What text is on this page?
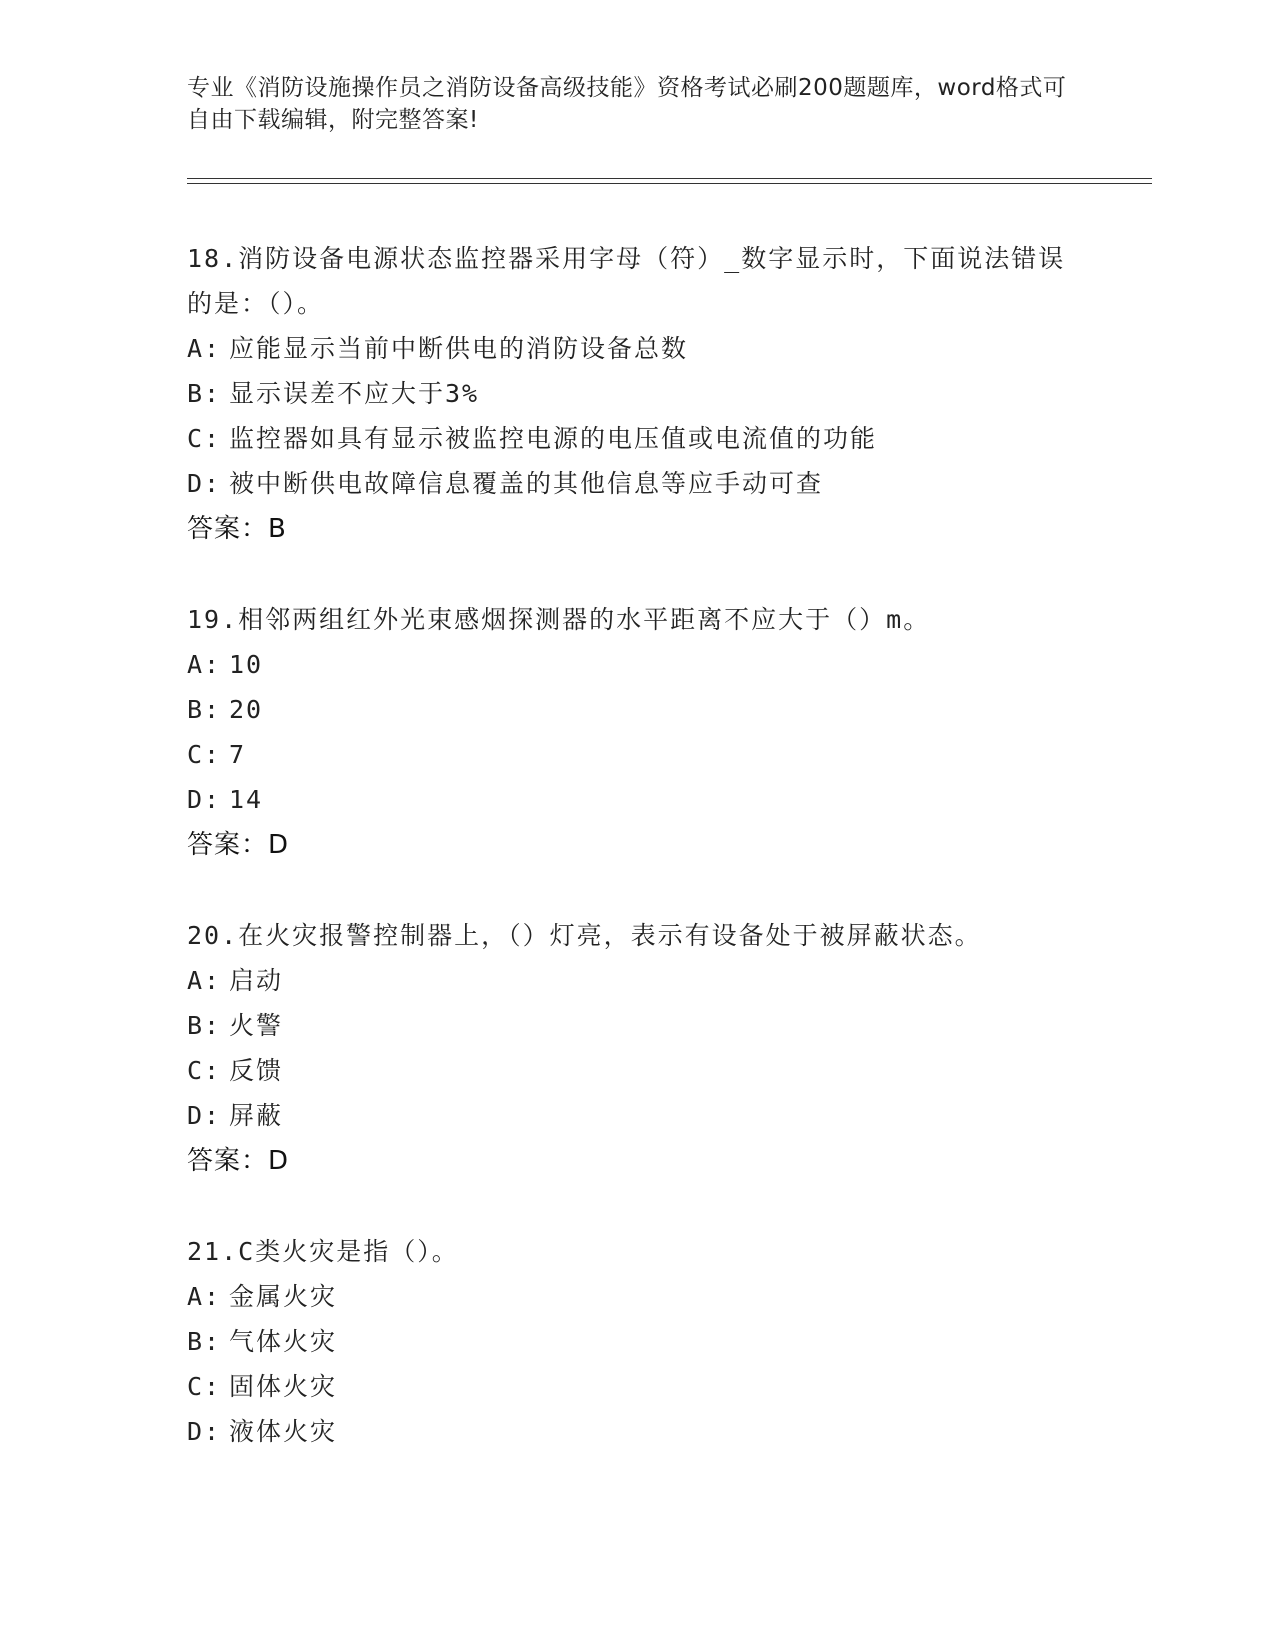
专业《消防设施操作员之消防设备高级技能》资格考试必刷200题题库，word格式可自由下载编辑，附完整答案!

18.消防设备电源状态监控器采用字母（符）_数字显示时，下面说法错误的是：（）。

A: 应能显示当前中断供电的消防设备总数

B: 显示误差不应大于3%

C: 监控器如具有显示被监控电源的电压值或电流值的功能

D: 被中断供电故障信息覆盖的其他信息等应手动可查

答案：B

19.相邻两组红外光束感烟探测器的水平距离不应大于（）m。

A: 10

B: 20

C: 7

D: 14

答案：D

20.在火灾报警控制器上，（）灯亮，表示有设备处于被屏蔽状态。

A: 启动

B: 火警

C: 反馈

D: 屏蔽

答案：D

21.C类火灾是指（）。

A: 金属火灾

B: 气体火灾

C: 固体火灾

D: 液体火灾
